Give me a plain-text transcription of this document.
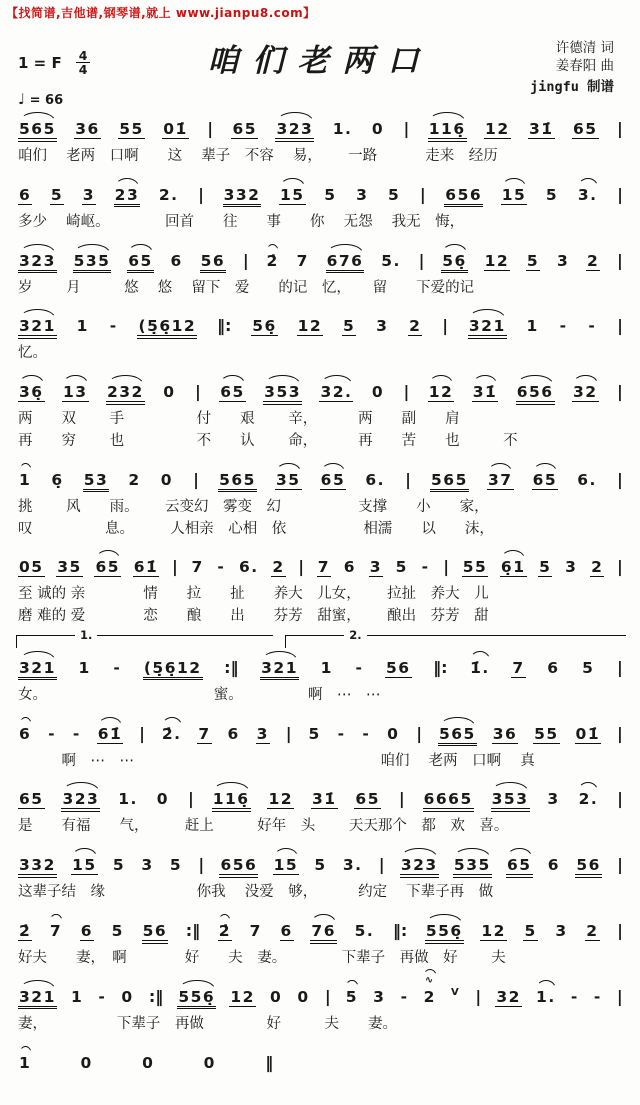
【找简谱,吉他谱,钢琴谱,就上 www.jianpu8.com】
咱们老两口
1 = F $\frac{4}{4}$
♩ = 66
许德清 词
姜春阳 曲
jingfu 制谱
565 36 55 01̇ | 65 323 1. 0 | 116̣ 12 31̇ 65 |
咱们　 老两　口啊　　这　 辈子　不容　 易，　　 一路　　　 走来　经历
6 5 3 23 2. | 332 15 5 3 5 | 656 15 5 3. |
多少　 崎岖。　　　　 回首　　往　　事　　你　 无怨　 我无　悔，
323 535 65 6 56 | 2̇ 7 676 5. | 56̣ 12 5 3 2 |
岁　　 月　　　悠　 悠　 留下　爱　　的记　忆，　　留　　下爱的记
321 1 - (5̣6̣12 ‖: 56̣ 12 5 3 2 | 321 1 - - |
忆。
36̣ 13 232 0 | 65 353 32. 0 | 12 31̇ 656 32 |
两　　双　　 手　　　　　付　　艰　　 辛，　　　 两　　副　　肩
再　　穷　　 也　　　　　不　　认　　 命，　　　 再　　苦　　也　　　不
1 6̣ 53 2 0 | 565 35 65 6. | 565 37 65 6. |
挑　　 风　　雨。　　 云变幻　雾变　幻　　　　　 支撑　　小　　家，
叹　　　　　息。　　　人相亲　心相　依　　　　　 相濡　　以　　沫，
05 35 65 61̇ | 7 - 6. 2 | 7 6 3 5 - | 55 6̣1 5 3 2 |
至 诚的 亲　　　　情　　拉　　扯　　养大　儿女，　　 拉扯　养大　儿
磨 难的 爱　　　　恋　　酿　　出　　芬芳　甜蜜，　　 酿出　芬芳　甜
1.	2.
321 1 - (5̣6̣12 :‖ 321 1 - 56 ‖: 1̇. 7 6 5 |
女。　　　　　　　　　　　　蜜。　　　　　啊　⋯　⋯
6 - - 61̇ | 2̇. 7 6 3 | 5 - - 0 | 565 36 55 01̇ |
　　　啊　⋯　⋯　　　　　　　　　　　　　　　　　咱们　 老两　口啊　 真
65 323 1. 0 | 116̣ 12 31̇ 65 | 6665 353 3 2. |
是　　有福　　气，　　　赶上　　　好年　头　　 天天那个　都　欢　喜。
332 15 5 3 5 | 656 15 5 3. | 323 535 65 6 56 |
这辈子结　缘　　　　　　 你我　 没爱　够，　　　 约定　 下辈子再　做
2̇ 7 6 5 56 :‖ 2̇ 7 6 76 5. ‖: 556̣ 12 5 3 2 |
好夫　　妻，　啊　　　　好　　夫　妻。　　　　 下辈子　再做　好　　 夫
321 1 - 0 :‖ 556̣ 12 0 0 | 5 3 - ∿ 2 V | 32 1. - - |
妻，　　　　　 下辈子　再做　　　　 好　　　夫　　妻。
1	0	0	0	‖
